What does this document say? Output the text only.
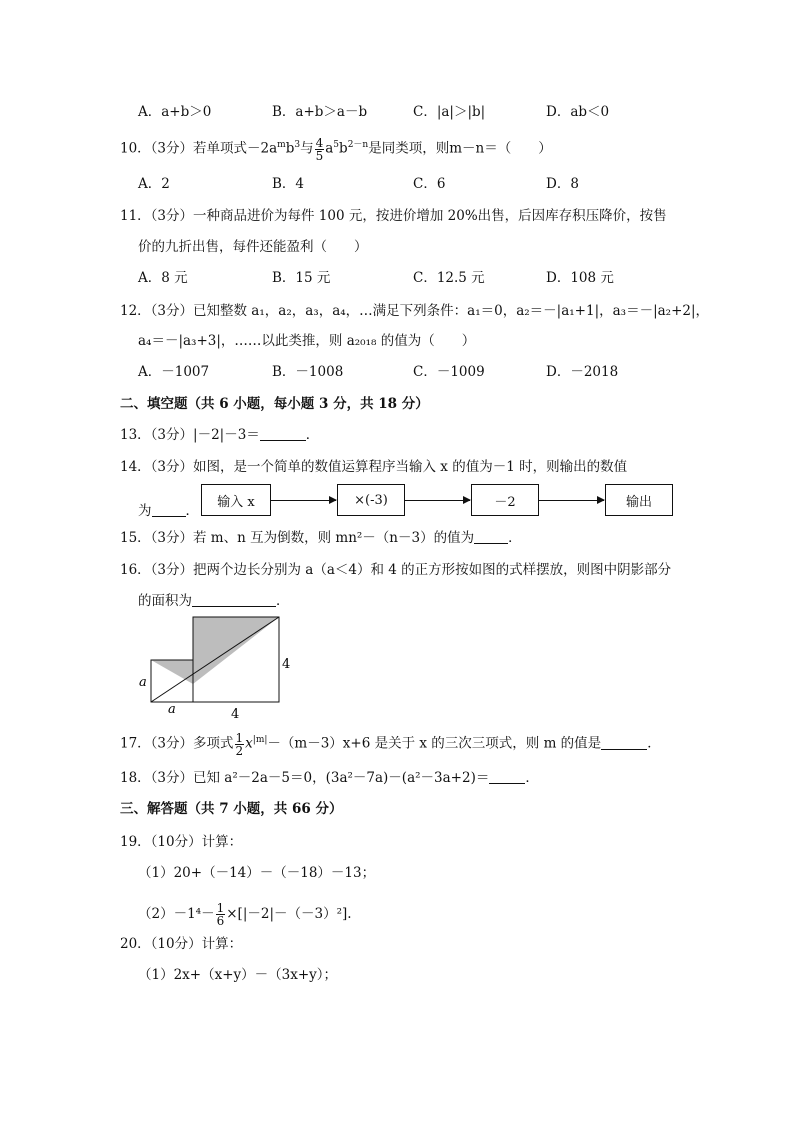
A．a+b＞0	B．a+b＞a－b	C．|a|＞|b|	D．ab＜0
10．（3分）若单项式$-2a^mb^3$与 $\frac{4}{5} a^5b^{2-n}$是同类项，则m－n＝（　　）
A．2	B．4	C．6	D．8
11．（3分）一种商品进价为每件 100 元，按进价增加 20%出售，后因库存积压降价，按售
价的九折出售，每件还能盈利（　　）
A．8 元	B．15 元	C．12.5 元	D．108 元
12．（3分）已知整数 a₁，a₂，a₃，a₄，…满足下列条件：a₁＝0，a₂＝－|a₁+1|，a₃＝－|a₂+2|，
a₄＝－|a₃+3|，……以此类推，则 a₂₀₁₈ 的值为（　　）
A．－1007	B．－1008	C．－1009	D．－2018
二、填空题（共 6 小题，每小题 3 分，共 18 分）
13．（3分）|－2|－3＝	．
14．（3分）如图，是一个简单的数值运算程序当输入 x 的值为－1 时，则输出的数值
为	．
输入 x	×(-3)	－2	输出
15．（3分）若 m、n 互为倒数，则 mn²－（n－3）的值为	．
16．（3分）把两个边长分别为 a（a＜4）和 4 的正方形按如图的式样摆放，则图中阴影部分
的面积为	．
a
a
4
4
17．（3分）多项式 $\frac{1}{2} x^{|m|}-(m-3)x+6$ 是关于 x 的三次三项式，则 m 的值是	．
18．（3分）已知 a²－2a－5＝0，(3a²－7a)－(a²－3a+2)＝	．
三、解答题（共 7 小题，共 66 分）
19．（10分）计算：
（1）20+（－14）－（－18）－13；
$(2)-1^4- \frac{1}{6} \times[|-2|-(-3)^2]$.
20．（10分）计算：
（1）2x+（x+y）－（3x+y）；
